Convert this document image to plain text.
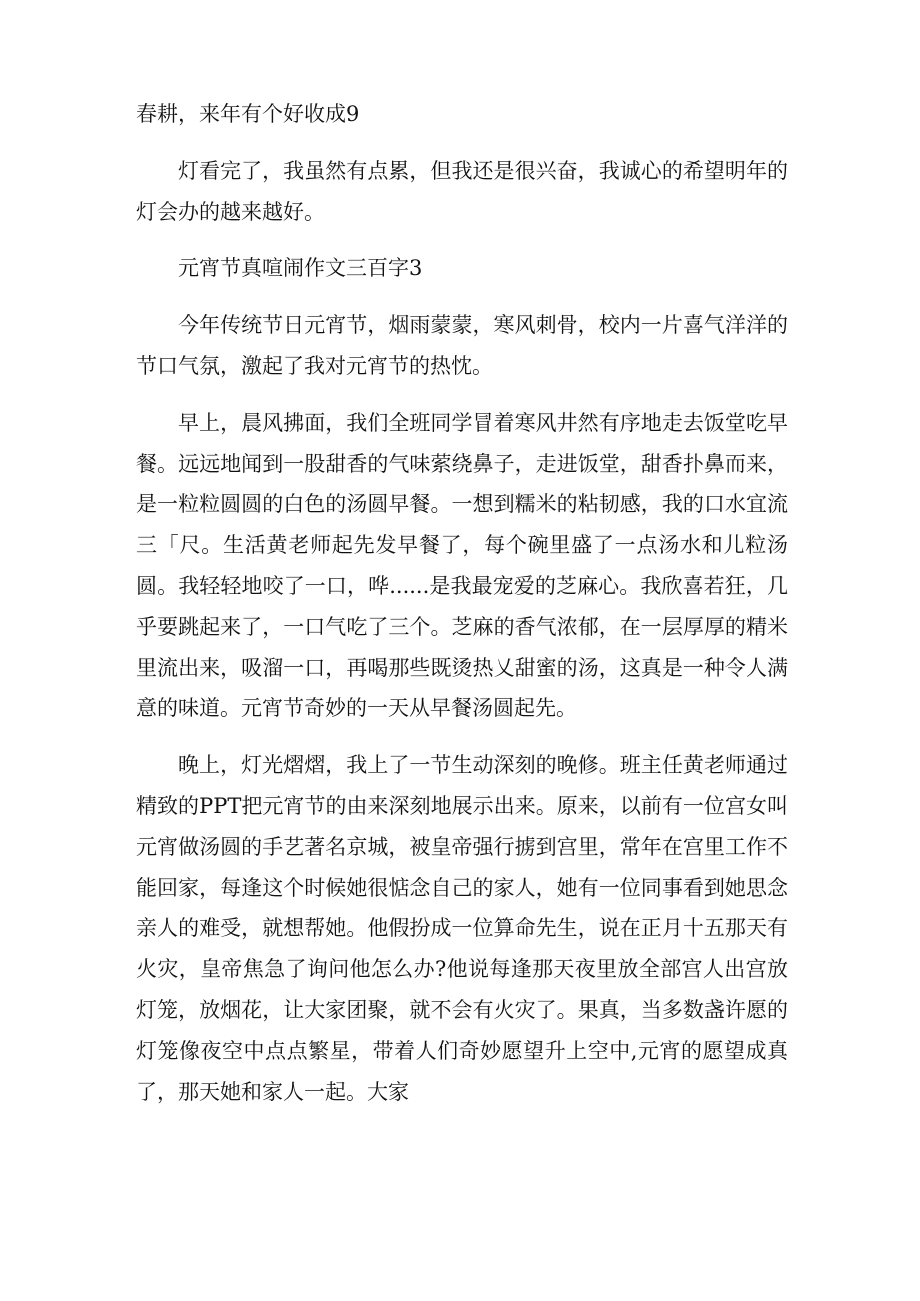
春耕，来年有个好收成9

灯看完了，我虽然有点累，但我还是很兴奋，我诚心的希望明年的灯会办的越来越好。

元宵节真喧闹作文三百字3

今年传统节日元宵节，烟雨蒙蒙，寒风刺骨，校内一片喜气洋洋的节口气氛，激起了我对元宵节的热忱。

早上，晨风拂面，我们全班同学冒着寒风井然有序地走去饭堂吃早餐。远远地闻到一股甜香的气味萦绕鼻子，走进饭堂，甜香扑鼻而来，是一粒粒圆圆的白色的汤圆早餐。一想到糯米的粘韧感，我的口水宜流三「尺。生活黄老师起先发早餐了，每个碗里盛了一点汤水和儿粒汤圆。我轻轻地咬了一口，哗......是我最宠爱的芝麻心。我欣喜若狂，几乎要跳起来了，一口气吃了三个。芝麻的香气浓郁，在一层厚厚的精米里流出来，吸溜一口，再喝那些既烫热乂甜蜜的汤，这真是一种令人满意的味道。元宵节奇妙的一天从早餐汤圆起先。

晚上，灯光熠熠，我上了一节生动深刻的晚修。班主任黄老师通过精致的PPT把元宵节的由来深刻地展示出来。原来，以前有一位宫女叫元宵做汤圆的手艺著名京城，被皇帝强行掳到宫里，常年在宫里工作不能回家，每逢这个时候她很惦念自己的家人，她有一位同事看到她思念亲人的难受，就想帮她。他假扮成一位算命先生，说在正月十五那天有火灾，皇帝焦急了询问他怎么办?他说每逢那天夜里放全部宫人出宫放灯笼，放烟花，让大家团聚，就不会有火灾了。果真，当多数盏许愿的灯笼像夜空中点点繁星，带着人们奇妙愿望升上空中,元宵的愿望成真了，那天她和家人一起。大家
